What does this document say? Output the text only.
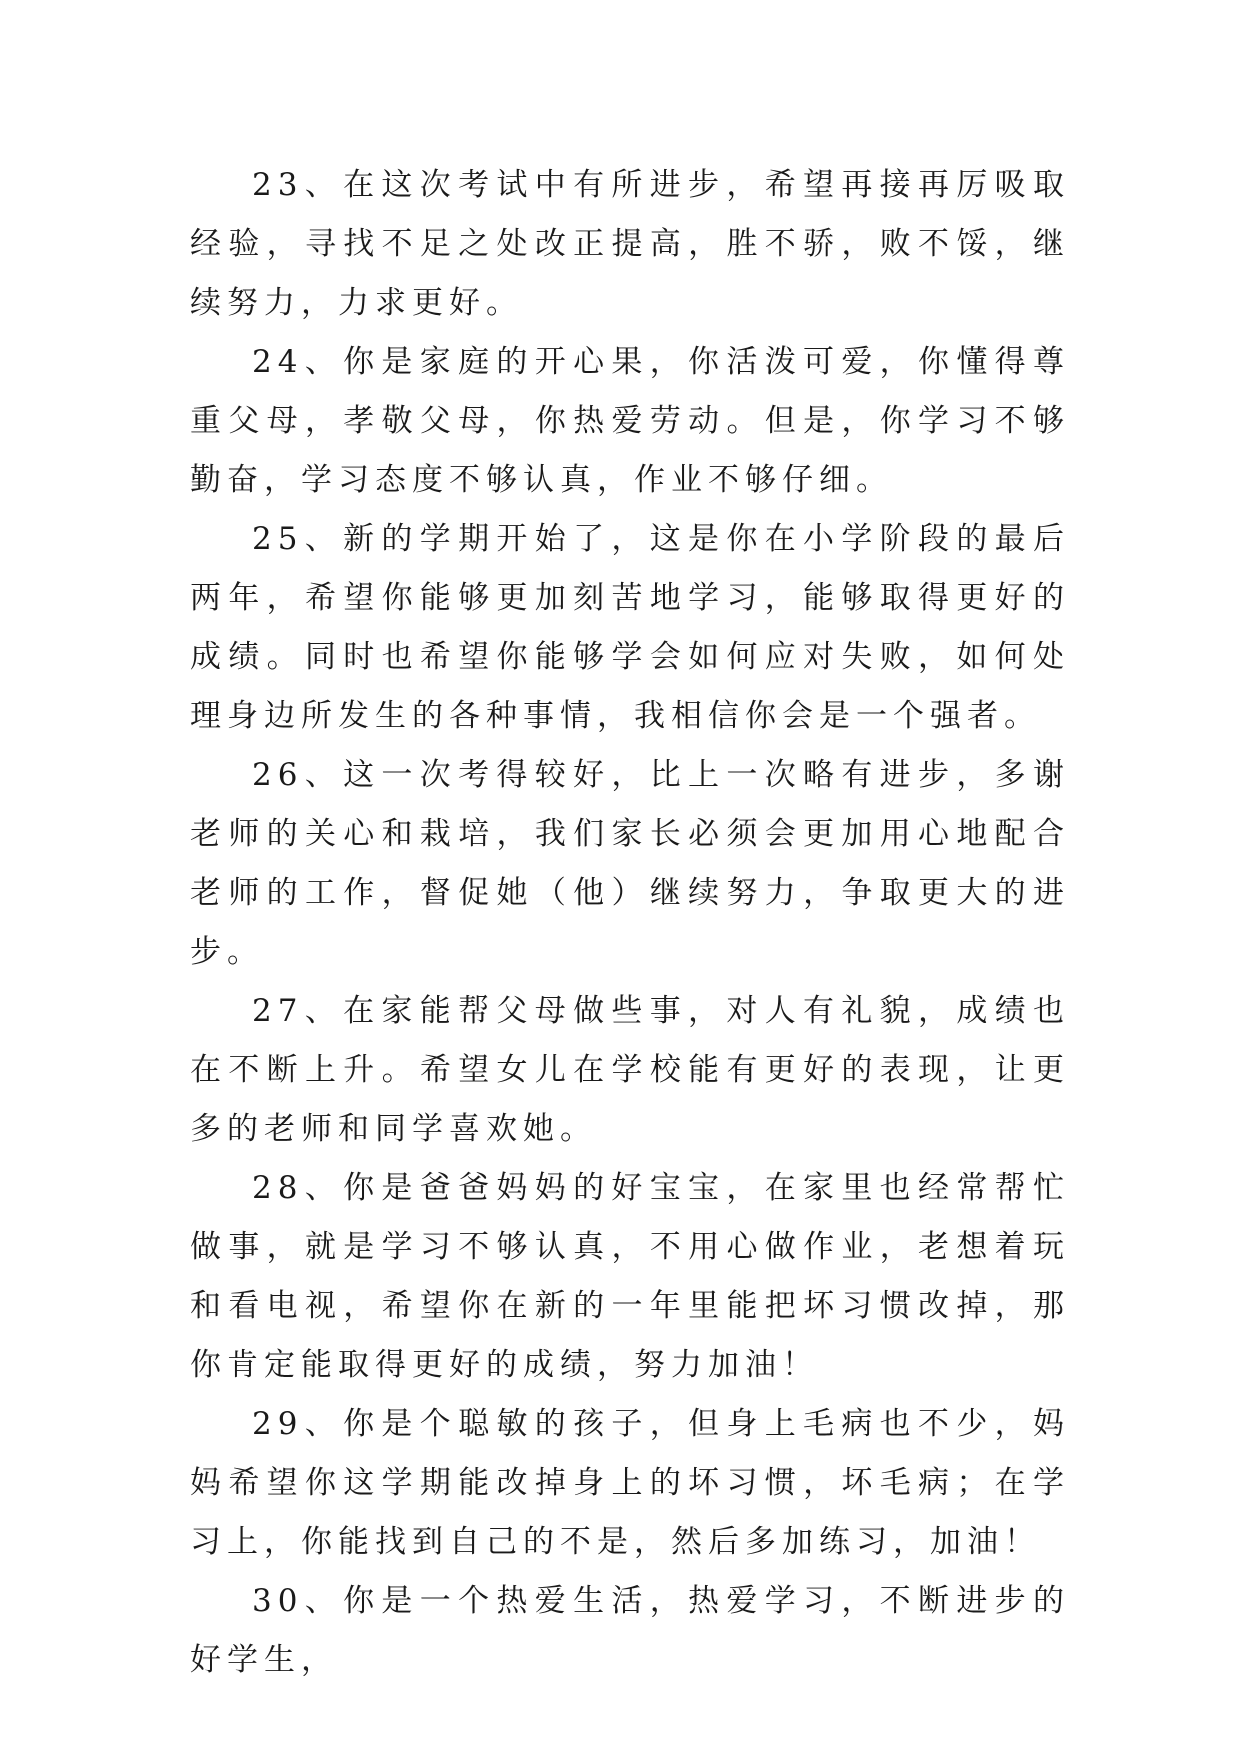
23、在这次考试中有所进步，希望再接再厉吸取经验，寻找不足之处改正提高，胜不骄，败不馁，继续努力，力求更好。

24、你是家庭的开心果，你活泼可爱，你懂得尊重父母，孝敬父母，你热爱劳动。但是，你学习不够勤奋，学习态度不够认真，作业不够仔细。

25、新的学期开始了，这是你在小学阶段的最后两年，希望你能够更加刻苦地学习，能够取得更好的成绩。同时也希望你能够学会如何应对失败，如何处理身边所发生的各种事情，我相信你会是一个强者。

26、这一次考得较好，比上一次略有进步，多谢老师的关心和栽培，我们家长必须会更加用心地配合老师的工作，督促她（他）继续努力，争取更大的进步。

27、在家能帮父母做些事，对人有礼貌，成绩也在不断上升。希望女儿在学校能有更好的表现，让更多的老师和同学喜欢她。

28、你是爸爸妈妈的好宝宝，在家里也经常帮忙做事，就是学习不够认真，不用心做作业，老想着玩和看电视，希望你在新的一年里能把坏习惯改掉，那你肯定能取得更好的成绩，努力加油！

29、你是个聪敏的孩子，但身上毛病也不少，妈妈希望你这学期能改掉身上的坏习惯，坏毛病；在学习上，你能找到自己的不是，然后多加练习，加油！

30、你是一个热爱生活，热爱学习，不断进步的好学生，
